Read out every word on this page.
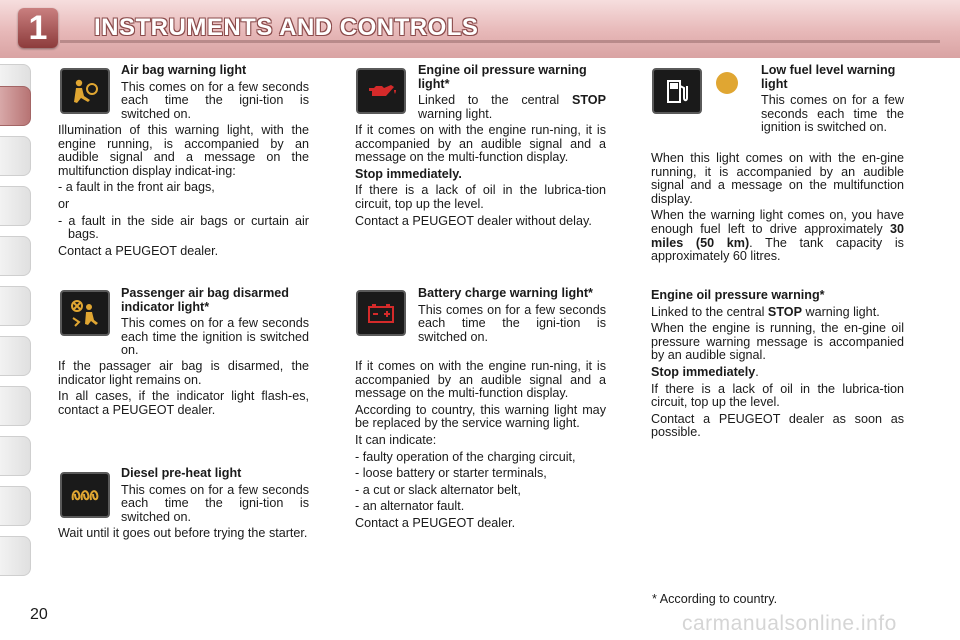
1	INSTRUMENTS AND CONTROLS
Air bag warning light

This comes on for a few seconds each time the igni-tion is switched on.

Illumination of this warning light, with the engine running, is accompanied by an audible signal and a message on the multifunction display indicat-ing:

- a fault in the front air bags,

or

- a fault in the side air bags or curtain air bags.

Contact a PEUGEOT dealer.

Passenger air bag disarmed indicator light*

This comes on for a few seconds each time the ignition is switched on.

If the passager air bag is disarmed, the indicator light remains on.

In all cases, if the indicator light flash-es, contact a PEUGEOT dealer.

Diesel pre-heat light

This comes on for a few seconds each time the igni-tion is switched on.

Wait until it goes out before trying the starter.

Engine oil pressure warning light*

Linked to the central STOP warning light.

If it comes on with the engine run-ning, it is accompanied by an audible signal and a message on the multi-function display.

Stop immediately.

If there is a lack of oil in the lubrica-tion circuit, top up the level.

Contact a PEUGEOT dealer without delay.

Battery charge warning light*

This comes on for a few seconds each time the igni-tion is switched on.

If it comes on with the engine run-ning, it is accompanied by an audible signal and a message on the multi-function display.

According to country, this warning light may be replaced by the service warning light.

It can indicate:

- faulty operation of the charging circuit,

- loose battery or starter terminals,

- a cut or slack alternator belt,

- an alternator fault.

Contact a PEUGEOT dealer.

Low fuel level warning light

This comes on for a few seconds each time the ignition is switched on.

When this light comes on with the en-gine running, it is accompanied by an audible signal and a message on the multifunction display.

When the warning light comes on, you have enough fuel left to drive approximately 30 miles (50 km). The tank capacity is approximately 60 litres.

Engine oil pressure warning*

Linked to the central STOP warning light.

When the engine is running, the en-gine oil pressure warning message is accompanied by an audible signal.

Stop immediately.

If there is a lack of oil in the lubrica-tion circuit, top up the level.

Contact a PEUGEOT dealer as soon as possible.

* According to country.
20	carmanualsonline.info
